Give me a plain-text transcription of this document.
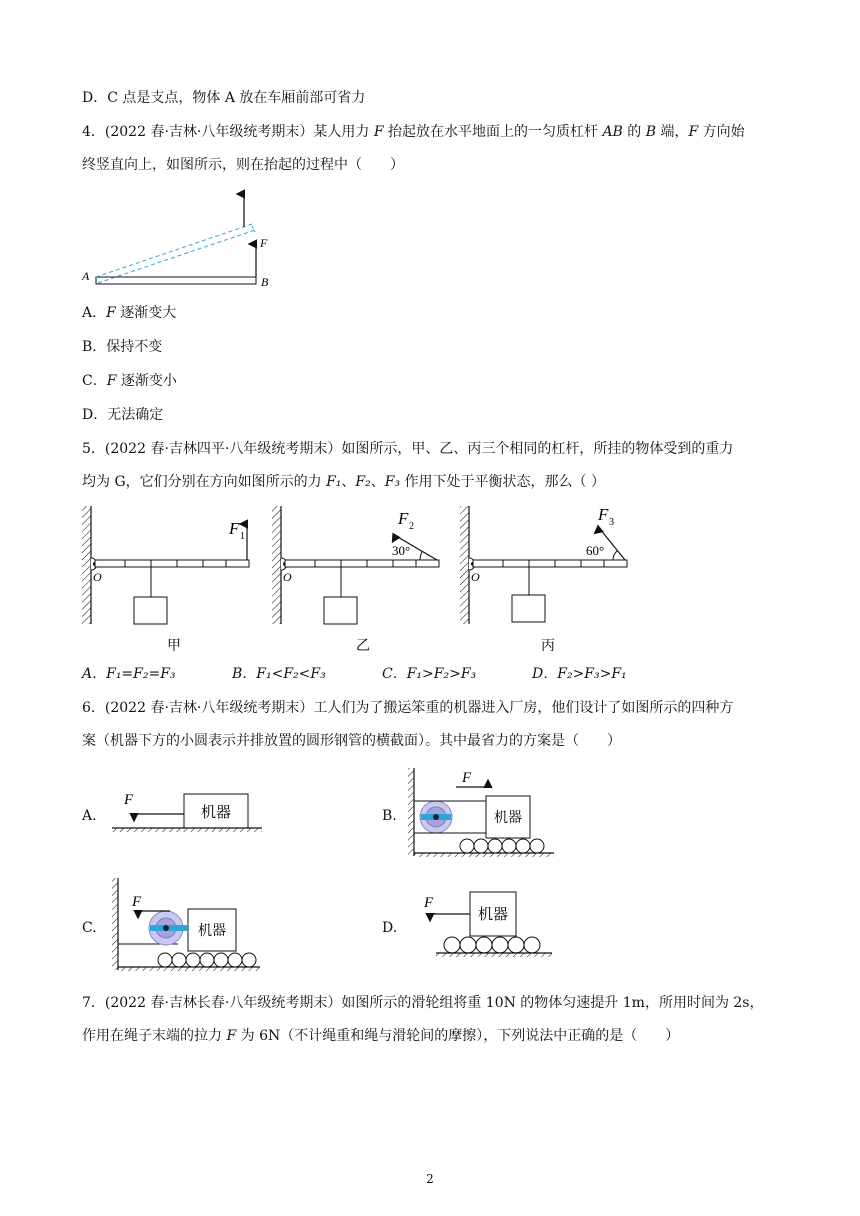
D．C 点是支点，物体 A 放在车厢前部可省力
4．(2022 春·吉林·八年级统考期末）某人用力 F 抬起放在水平地面上的一匀质杠杆 AB 的 B 端，F 方向始
终竖直向上，如图所示，则在抬起的过程中（　　）
A	B
F
A．F 逐渐变大
B．保持不变
C．F 逐渐变小
D．无法确定
5．(2022 春·吉林四平·八年级统考期末）如图所示，甲、乙、丙三个相同的杠杆，所挂的物体受到的重力
均为 G，它们分别在方向如图所示的力 F₁、F₂、F₃ 作用下处于平衡状态，那么（ ）
F 1
O
甲
F 2
30°
O
乙
F 3
60°
O
丙
A．F₁=F₂=F₃	B．F₁<F₂<F₃	C．F₁>F₂>F₃	D．F₂>F₃>F₁
6．(2022 春·吉林·八年级统考期末）工人们为了搬运笨重的机器进入厂房，他们设计了如图所示的四种方
案（机器下方的小圆表示并排放置的圆形钢管的横截面）。其中最省力的方案是（　　）
A.	机器
F
B.	机器
F
C.	机器
F
D.
机器
F
7．(2022 春·吉林长春·八年级统考期末）如图所示的滑轮组将重 10N 的物体匀速提升 1m，所用时间为 2s，
作用在绳子末端的拉力 F 为 6N（不计绳重和绳与滑轮间的摩擦），下列说法中正确的是（　　）
2
